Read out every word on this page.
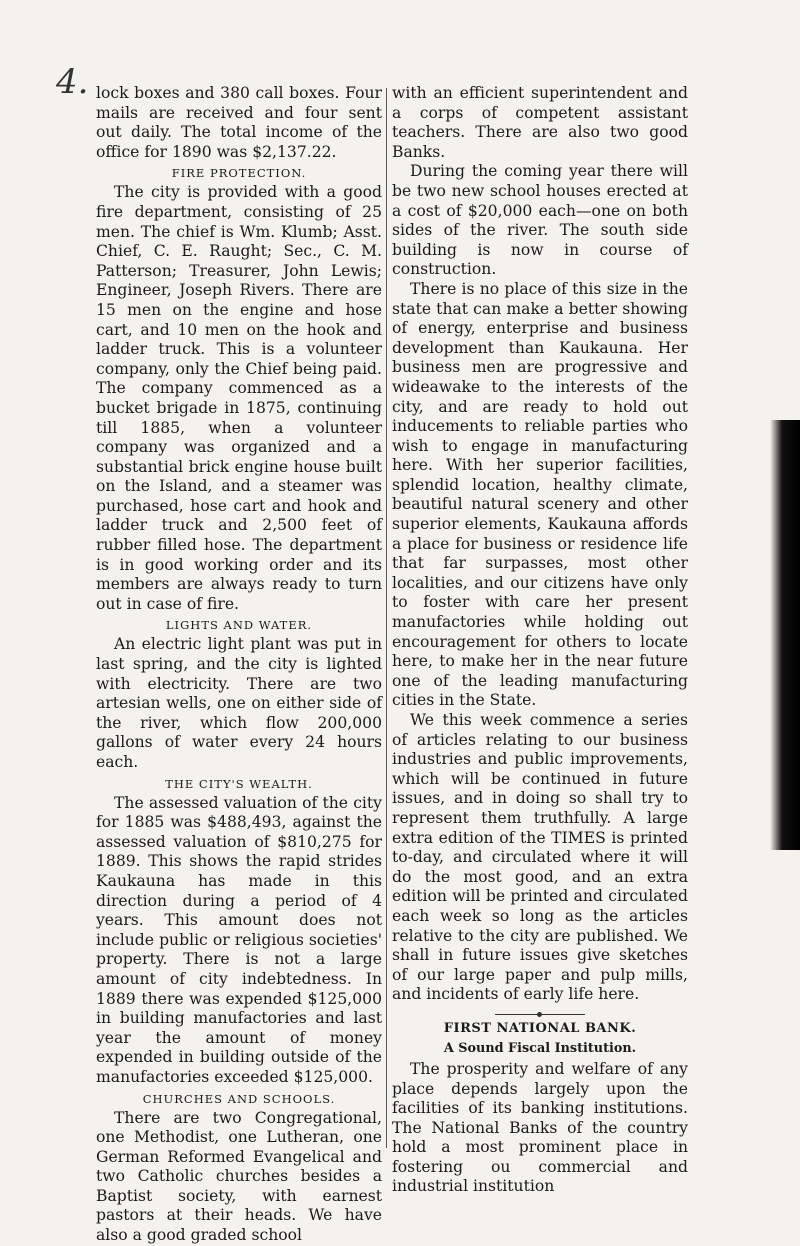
4. lock boxes and 380 call boxes. Four mails are received and four sent out daily. The total income of the office for 1890 was $2,137.22.

FIRE PROTECTION.

The city is provided with a good fire department, consisting of 25 men. The chief is Wm. Klumb; Asst. Chief, C. E. Raught; Sec., C. M. Patterson; Treasurer, John Lewis; Engineer, Joseph Rivers. There are 15 men on the engine and hose cart, and 10 men on the hook and ladder truck. This is a volunteer company, only the Chief being paid. The company commenced as a bucket brigade in 1875, continuing till 1885, when a volunteer company was organized and a substantial brick engine house built on the Island, and a steamer was purchased, hose cart and hook and ladder truck and 2,500 feet of rubber filled hose. The department is in good working order and its members are always ready to turn out in case of fire.

LIGHTS AND WATER.

An electric light plant was put in last spring, and the city is lighted with electricity. There are two artesian wells, one on either side of the river, which flow 200,000 gallons of water every 24 hours each.

THE CITY'S WEALTH.

The assessed valuation of the city for 1885 was $488,493, against the assessed valuation of $810,275 for 1889. This shows the rapid strides Kaukauna has made in this direction during a period of 4 years. This amount does not include public or religious societies' property. There is not a large amount of city indebtedness. In 1889 there was expended $125,000 in building manufactories and last year the amount of money expended in building outside of the manufactories exceeded $125,000.

CHURCHES AND SCHOOLS.

There are two Congregational, one Methodist, one Lutheran, one German Reformed Evangelical and two Catholic churches besides a Baptist society, with earnest pastors at their heads. We have also a good graded school

with an efficient superintendent and a corps of competent assistant teachers. There are also two good Banks.

During the coming year there will be two new school houses erected at a cost of $20,000 each—one on both sides of the river. The south side building is now in course of construction.

There is no place of this size in the state that can make a better showing of energy, enterprise and business development than Kaukauna. Her business men are progressive and wideawake to the interests of the city, and are ready to hold out inducements to reliable parties who wish to engage in manufacturing here. With her superior facilities, splendid location, healthy climate, beautiful natural scenery and other superior elements, Kaukauna affords a place for business or residence life that far surpasses, most other localities, and our citizens have only to foster with care her present manufactories while holding out encouragement for others to locate here, to make her in the near future one of the leading manufacturing cities in the State.

We this week commence a series of articles relating to our business industries and public improvements, which will be continued in future issues, and in doing so shall try to represent them truthfully. A large extra edition of the TIMES is printed to-day, and circulated where it will do the most good, and an extra edition will be printed and circulated each week so long as the articles relative to the city are published. We shall in future issues give sketches of our large paper and pulp mills, and incidents of early life here.

FIRST NATIONAL BANK.
A Sound Fiscal Institution.

The prosperity and welfare of any place depends largely upon the facilities of its banking institutions. The National Banks of the country hold a most prominent place in fostering ou commercial and industrial institution
